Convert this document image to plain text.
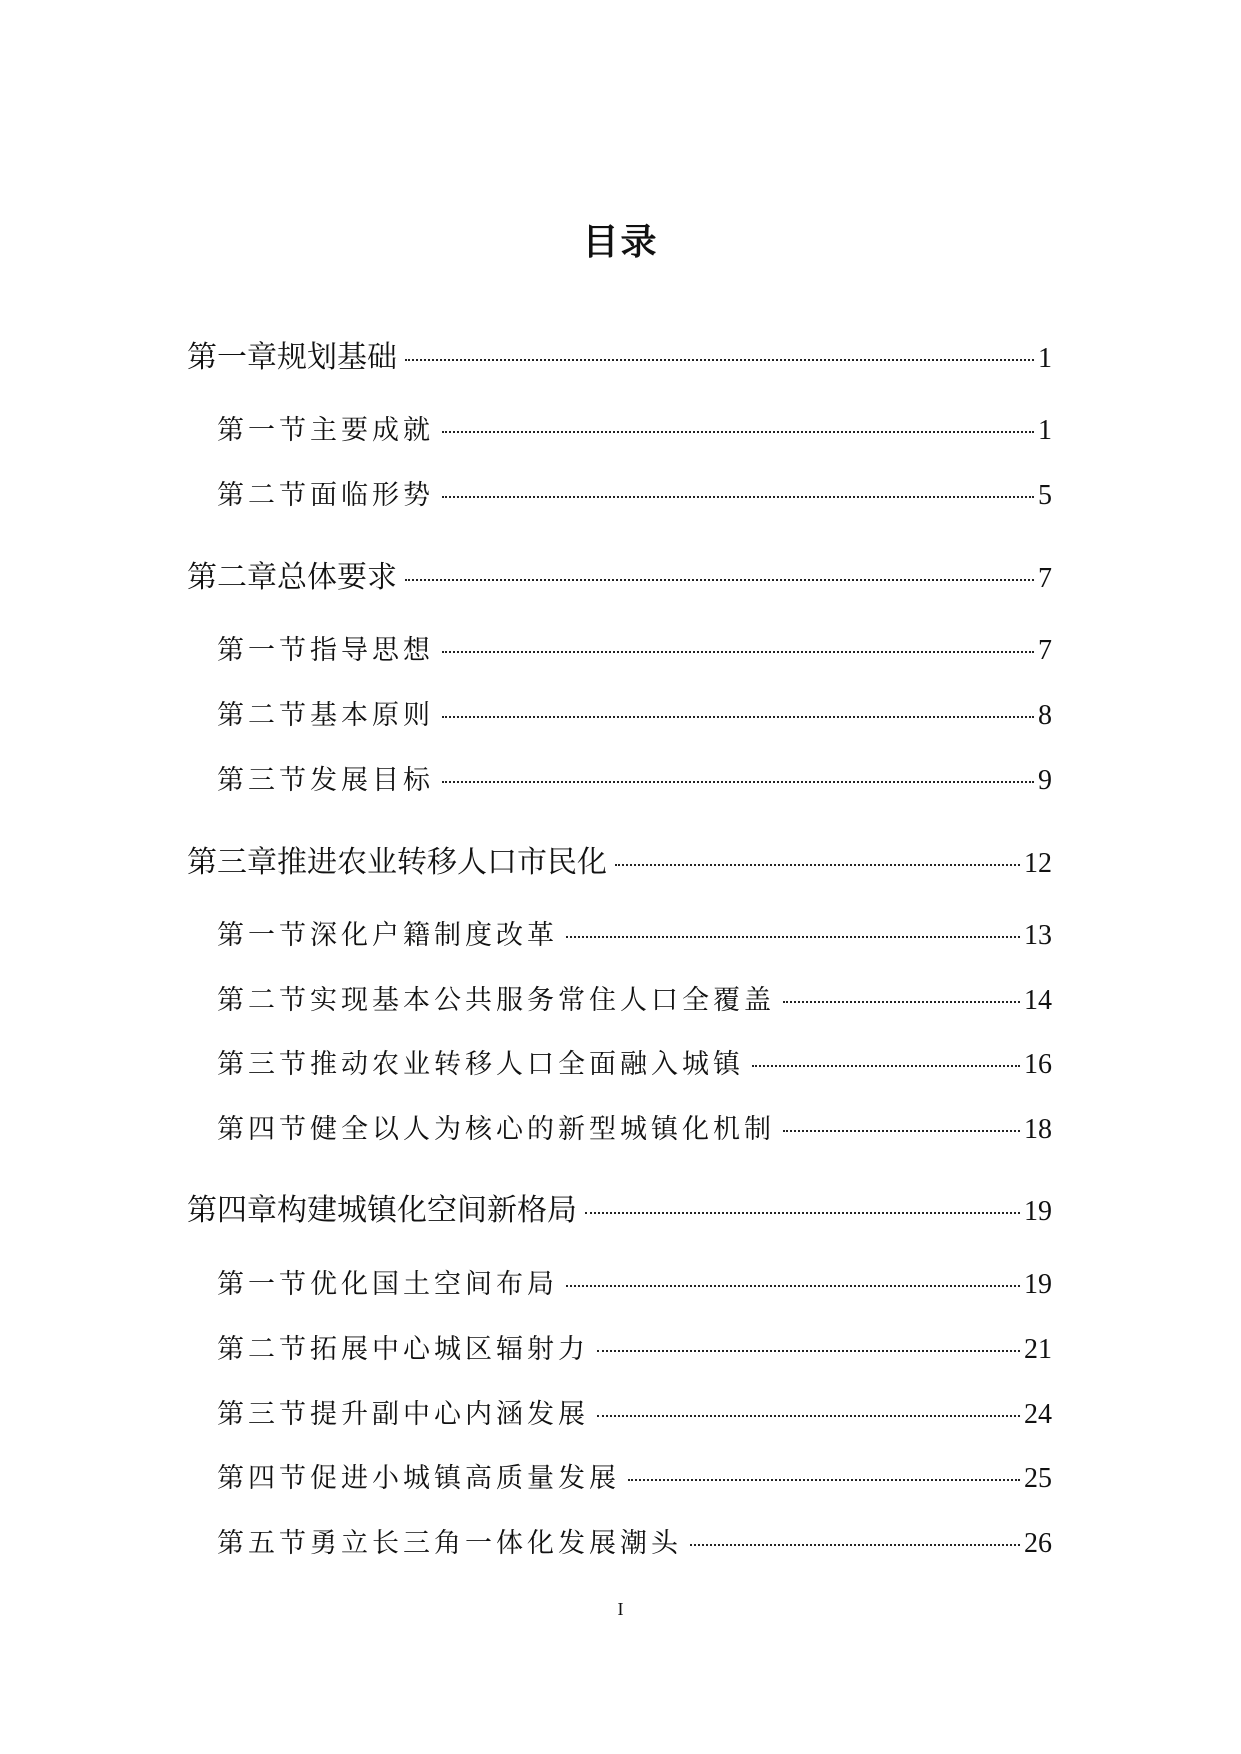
目录
第一章规划基础	1
第一节主要成就	1
第二节面临形势	5
第二章总体要求	7
第一节指导思想	7
第二节基本原则	8
第三节发展目标	9
第三章推进农业转移人口市民化	12
第一节深化户籍制度改革	13
第二节实现基本公共服务常住人口全覆盖	14
第三节推动农业转移人口全面融入城镇	16
第四节健全以人为核心的新型城镇化机制	18
第四章构建城镇化空间新格局	19
第一节优化国土空间布局	19
第二节拓展中心城区辐射力	21
第三节提升副中心内涵发展	24
第四节促进小城镇高质量发展	25
第五节勇立长三角一体化发展潮头	26
I
